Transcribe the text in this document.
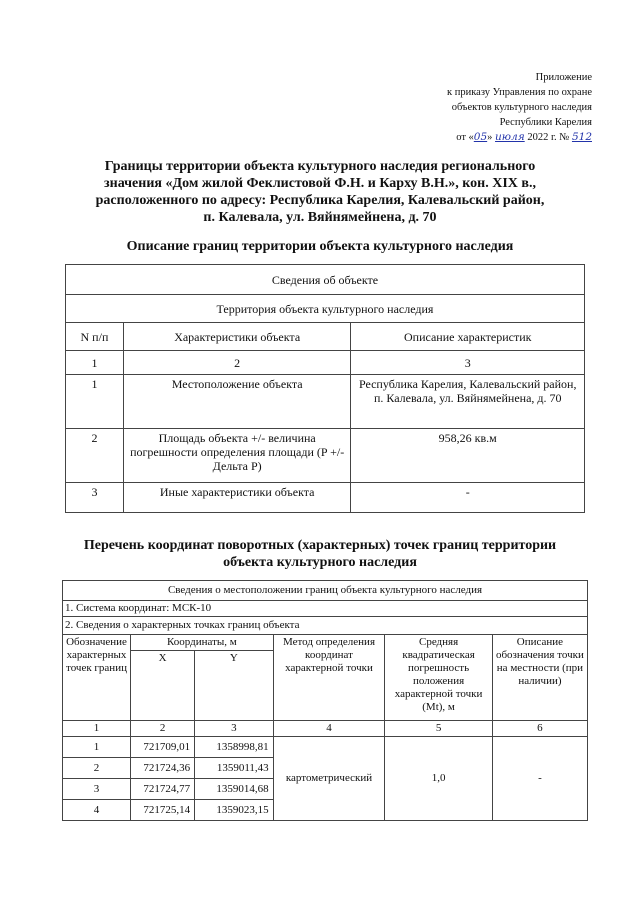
Приложение
к приказу Управления по охране
объектов культурного наследия
Республики Карелия
от «05» июля 2022 г. № 512
Границы территории объекта культурного наследия регионального значения «Дом жилой Феклистовой Ф.Н. и Карху В.Н.», кон. XIX в., расположенного по адресу: Республика Карелия, Калевальский район, п. Калевала, ул. Вяйнямейнена, д. 70
Описание границ территории объекта культурного наследия
Сведения об объекте		
Территория объекта культурного наследия		
N п/п	Характеристики объекта	Описание характеристик
1	2	3
1	Местоположение объекта	Республика Карелия, Калевальский район, п. Калевала, ул. Вяйнямейнена, д. 70
2	Площадь объекта +/- величина погрешности определения площади (P +/- Дельта P)	958,26 кв.м
3	Иные характеристики объекта	-
Перечень координат поворотных (характерных) точек границ территории объекта культурного наследия
Сведения о местоположении границ объекта культурного наследия					
1. Система координат: МСК-10					
2. Сведения о характерных точках границ объекта					
Обозначение характерных точек границ	Координаты, м		Метод определения координат характерной точки	Средняя квадратическая погрешность положения характерной точки (Mt), м	Описание обозначения точки на местности (при наличии)
	X	Y			
1	2	3	4	5	6
1	721709,01	1358998,81	картометрический	1,0	-
2	721724,36	1359011,43			
3	721724,77	1359014,68			
4	721725,14	1359023,15			
